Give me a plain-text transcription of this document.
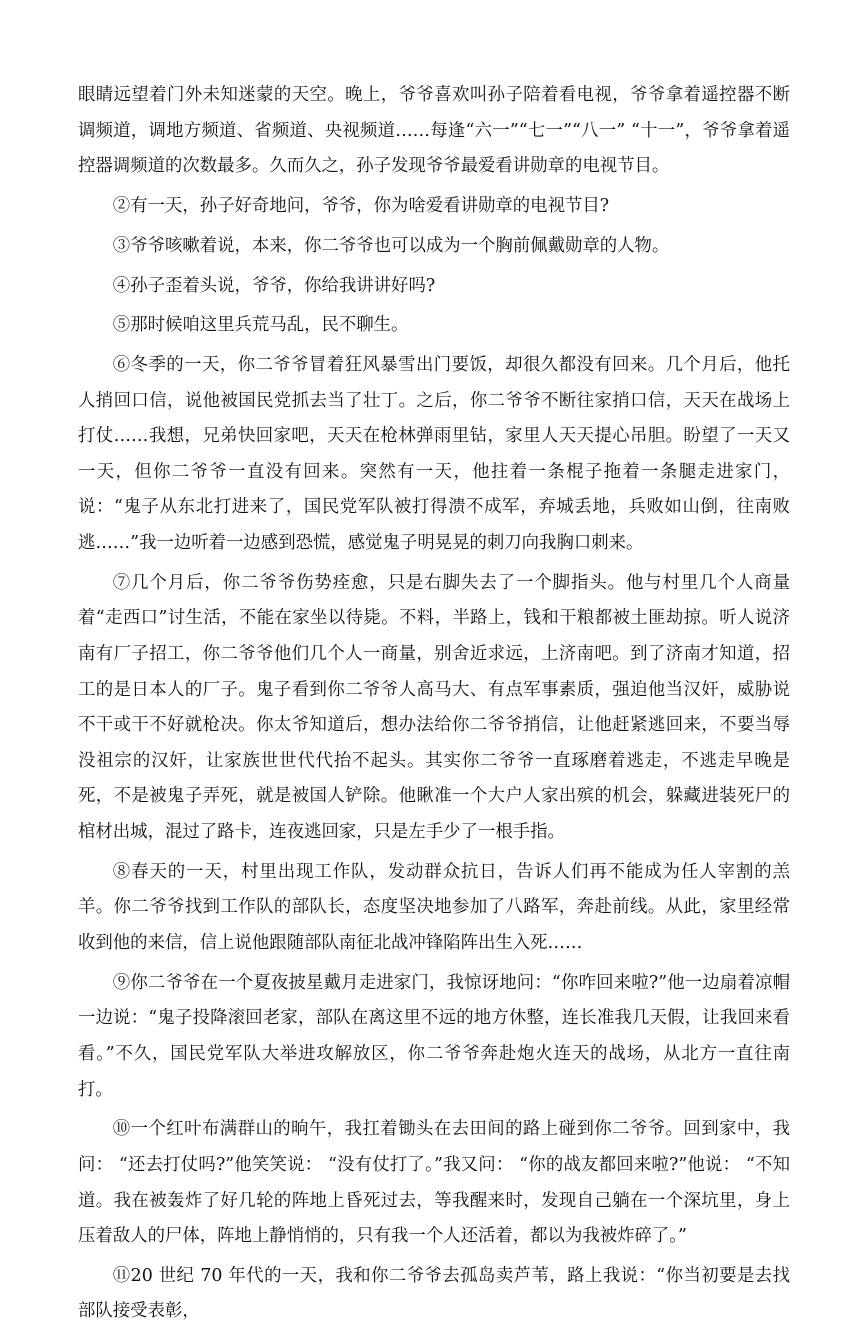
眼睛远望着门外未知迷蒙的天空。晚上，爷爷喜欢叫孙子陪着看电视，爷爷拿着遥控器不断调频道，调地方频道、省频道、央视频道……每逢“六一”“七一”“八一” “十一”，爷爷拿着遥控器调频道的次数最多。久而久之，孙子发现爷爷最爱看讲勋章的电视节目。

②有一天，孙子好奇地问，爷爷，你为啥爱看讲勋章的电视节目?

③爷爷咳嗽着说，本来，你二爷爷也可以成为一个胸前佩戴勋章的人物。

④孙子歪着头说，爷爷，你给我讲讲好吗?

⑤那时候咱这里兵荒马乱，民不聊生。

⑥冬季的一天，你二爷爷冒着狂风暴雪出门要饭，却很久都没有回来。几个月后，他托人捎回口信，说他被国民党抓去当了壮丁。之后，你二爷爷不断往家捎口信，天天在战场上打仗……我想，兄弟快回家吧，天天在枪林弹雨里钻，家里人天天提心吊胆。盼望了一天又一天，但你二爷爷一直没有回来。突然有一天，他拄着一条棍子拖着一条腿走进家门，说：“鬼子从东北打进来了，国民党军队被打得溃不成军，弃城丢地，兵败如山倒，往南败逃……”我一边听着一边感到恐慌，感觉鬼子明晃晃的刺刀向我胸口刺来。

⑦几个月后，你二爷爷伤势痊愈，只是右脚失去了一个脚指头。他与村里几个人商量着“走西口”讨生活，不能在家坐以待毙。不料，半路上，钱和干粮都被土匪劫掠。听人说济南有厂子招工，你二爷爷他们几个人一商量，别舍近求远，上济南吧。到了济南才知道，招工的是日本人的厂子。鬼子看到你二爷爷人高马大、有点军事素质，强迫他当汉奸，威胁说不干或干不好就枪决。你太爷知道后，想办法给你二爷爷捎信，让他赶紧逃回来，不要当辱没祖宗的汉奸，让家族世世代代抬不起头。其实你二爷爷一直琢磨着逃走，不逃走早晚是死，不是被鬼子弄死，就是被国人铲除。他瞅准一个大户人家出殡的机会，躲藏进装死尸的棺材出城，混过了路卡，连夜逃回家，只是左手少了一根手指。

⑧春天的一天，村里出现工作队，发动群众抗日，告诉人们再不能成为任人宰割的羔羊。你二爷爷找到工作队的部队长，态度坚决地参加了八路军，奔赴前线。从此，家里经常收到他的来信，信上说他跟随部队南征北战冲锋陷阵出生入死……

⑨你二爷爷在一个夏夜披星戴月走进家门，我惊讶地问：“你咋回来啦?”他一边扇着凉帽一边说：“鬼子投降滚回老家，部队在离这里不远的地方休整，连长准我几天假，让我回来看看。”不久，国民党军队大举进攻解放区，你二爷爷奔赴炮火连天的战场，从北方一直往南打。

⑩一个红叶布满群山的晌午，我扛着锄头在去田间的路上碰到你二爷爷。回到家中，我问： “还去打仗吗?”他笑笑说： “没有仗打了。”我又问： “你的战友都回来啦?”他说： “不知道。我在被轰炸了好几轮的阵地上昏死过去，等我醒来时，发现自己躺在一个深坑里，身上压着敌人的尸体，阵地上静悄悄的，只有我一个人还活着，都以为我被炸碎了。”

⑪20 世纪 70 年代的一天，我和你二爷爷去孤岛卖芦苇，路上我说：“你当初要是去找部队接受表彰，
